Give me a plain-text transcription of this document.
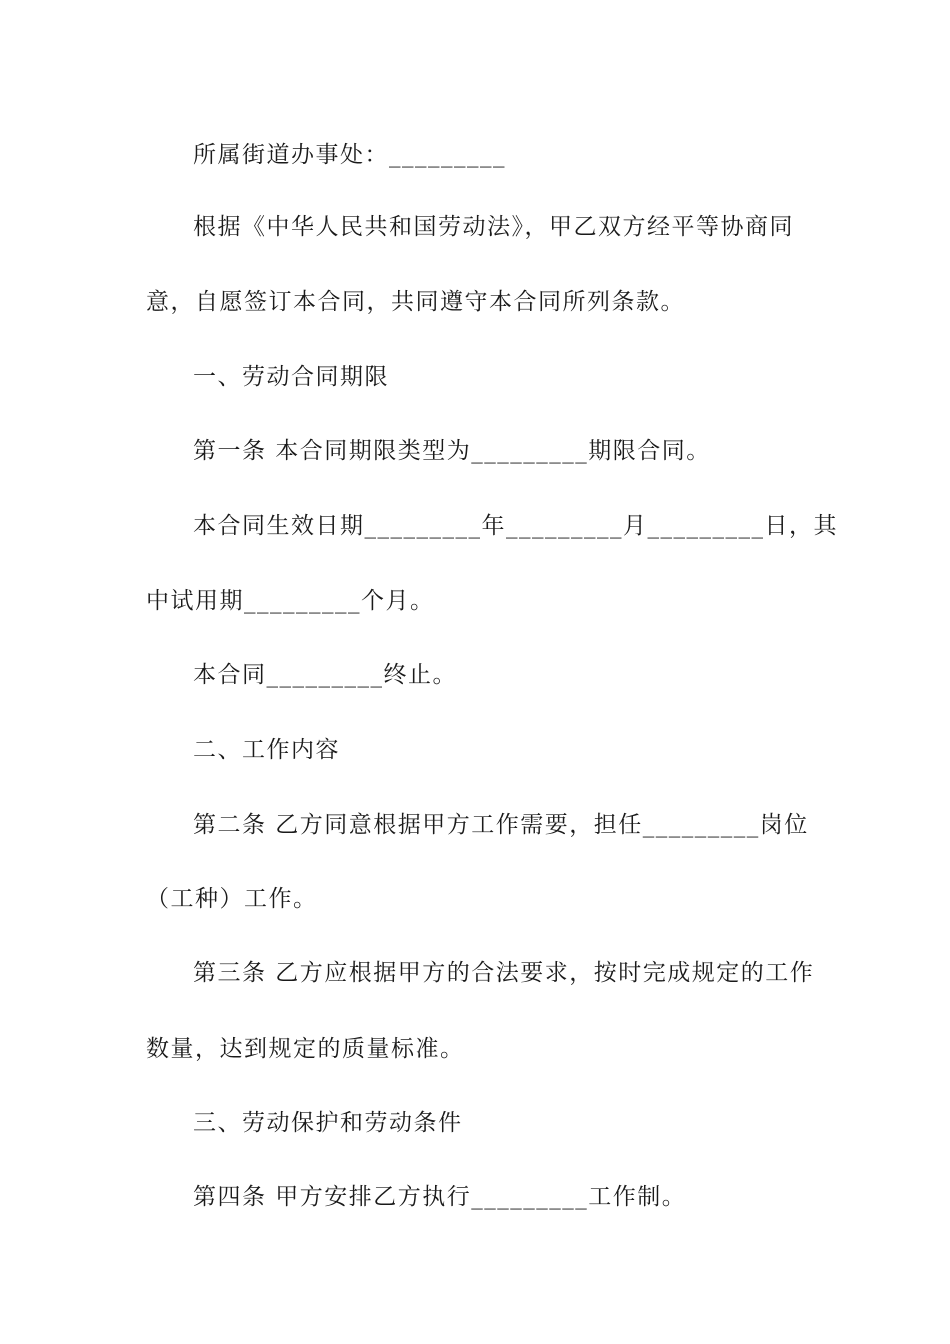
所属街道办事处：_________
根据《中华人民共和国劳动法》，甲乙双方经平等协商同
意，自愿签订本合同，共同遵守本合同所列条款。
一、劳动合同期限
第一条 本合同期限类型为_________期限合同。
本合同生效日期_________年_________月_________日，其
中试用期_________个月。
本合同_________终止。
二、工作内容
第二条 乙方同意根据甲方工作需要，担任_________岗位
（工种）工作。
第三条 乙方应根据甲方的合法要求，按时完成规定的工作
数量，达到规定的质量标准。
三、劳动保护和劳动条件
第四条 甲方安排乙方执行_________工作制。
